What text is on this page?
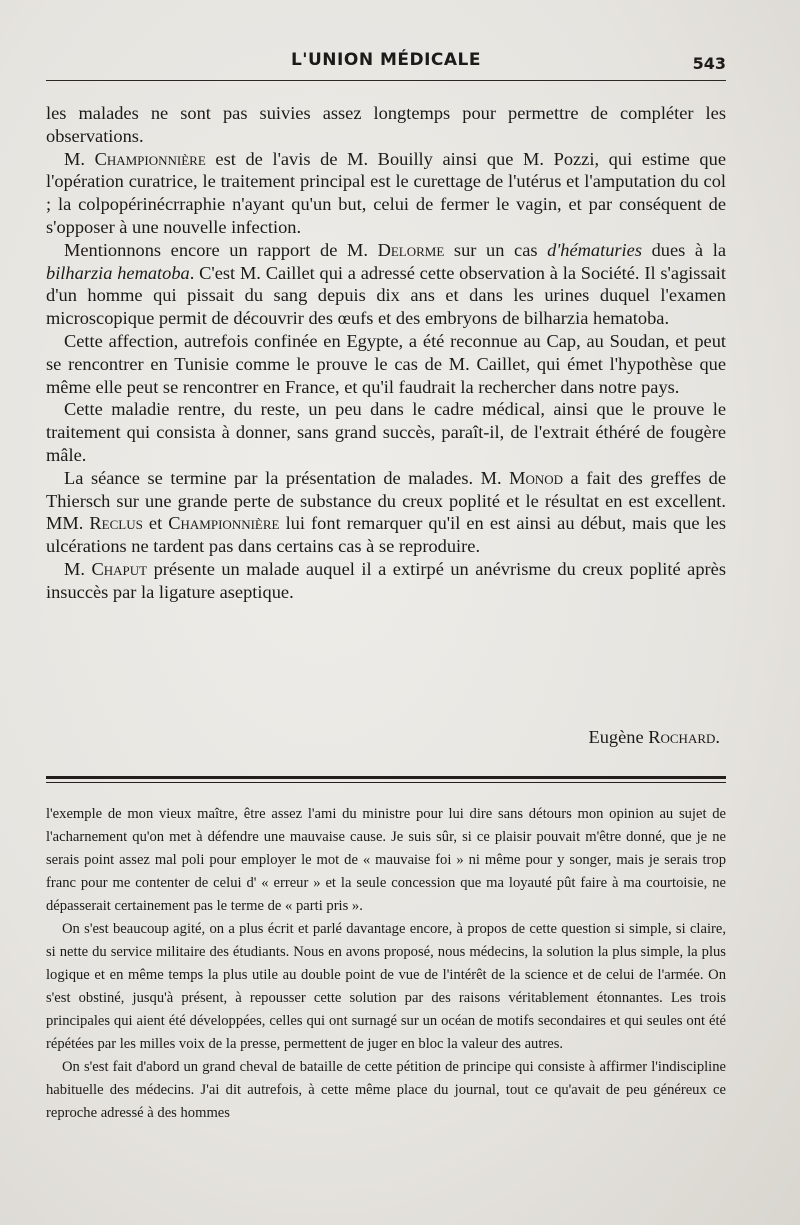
L'UNION MÉDICALE	543

les malades ne sont pas suivies assez longtemps pour permettre de compléter les observations.

M. Championnière est de l'avis de M. Bouilly ainsi que M. Pozzi, qui estime que l'opération curatrice, le traitement principal est le curettage de l'utérus et l'amputation du col ; la colpopérinécrraphie n'ayant qu'un but, celui de fermer le vagin, et par conséquent de s'opposer à une nouvelle infection.

Mentionnons encore un rapport de M. Delorme sur un cas d'hématuries dues à la bilharzia hematoba. C'est M. Caillet qui a adressé cette observation à la Société. Il s'agissait d'un homme qui pissait du sang depuis dix ans et dans les urines duquel l'examen microscopique permit de découvrir des œufs et des embryons de bilharzia hematoba.

Cette affection, autrefois confinée en Egypte, a été reconnue au Cap, au Soudan, et peut se rencontrer en Tunisie comme le prouve le cas de M. Caillet, qui émet l'hypothèse que même elle peut se rencontrer en France, et qu'il faudrait la rechercher dans notre pays.

Cette maladie rentre, du reste, un peu dans le cadre médical, ainsi que le prouve le traitement qui consista à donner, sans grand succès, paraît-il, de l'extrait éthéré de fougère mâle.

La séance se termine par la présentation de malades. M. Monod a fait des greffes de Thiersch sur une grande perte de substance du creux poplité et le résultat en est excellent. MM. Reclus et Championnière lui font remarquer qu'il en est ainsi au début, mais que les ulcérations ne tardent pas dans certains cas à se reproduire.

M. Chaput présente un malade auquel il a extirpé un anévrisme du creux poplité après insuccès par la ligature aseptique.

Eugène Rochard.

l'exemple de mon vieux maître, être assez l'ami du ministre pour lui dire sans détours mon opinion au sujet de l'acharnement qu'on met à défendre une mauvaise cause. Je suis sûr, si ce plaisir pouvait m'être donné, que je ne serais point assez mal poli pour employer le mot de « mauvaise foi » ni même pour y songer, mais je serais trop franc pour me contenter de celui d' « erreur » et la seule concession que ma loyauté pût faire à ma courtoisie, ne dépasserait certainement pas le terme de « parti pris ».

On s'est beaucoup agité, on a plus écrit et parlé davantage encore, à propos de cette question si simple, si claire, si nette du service militaire des étudiants. Nous en avons proposé, nous médecins, la solution la plus simple, la plus logique et en même temps la plus utile au double point de vue de l'intérêt de la science et de celui de l'armée. On s'est obstiné, jusqu'à présent, à repousser cette solution par des raisons véritablement étonnantes. Les trois principales qui aient été développées, celles qui ont surnagé sur un océan de motifs secondaires et qui seules ont été répétées par les milles voix de la presse, permettent de juger en bloc la valeur des autres.

On s'est fait d'abord un grand cheval de bataille de cette pétition de principe qui consiste à affirmer l'indiscipline habituelle des médecins. J'ai dit autrefois, à cette même place du journal, tout ce qu'avait de peu généreux ce reproche adressé à des hommes
